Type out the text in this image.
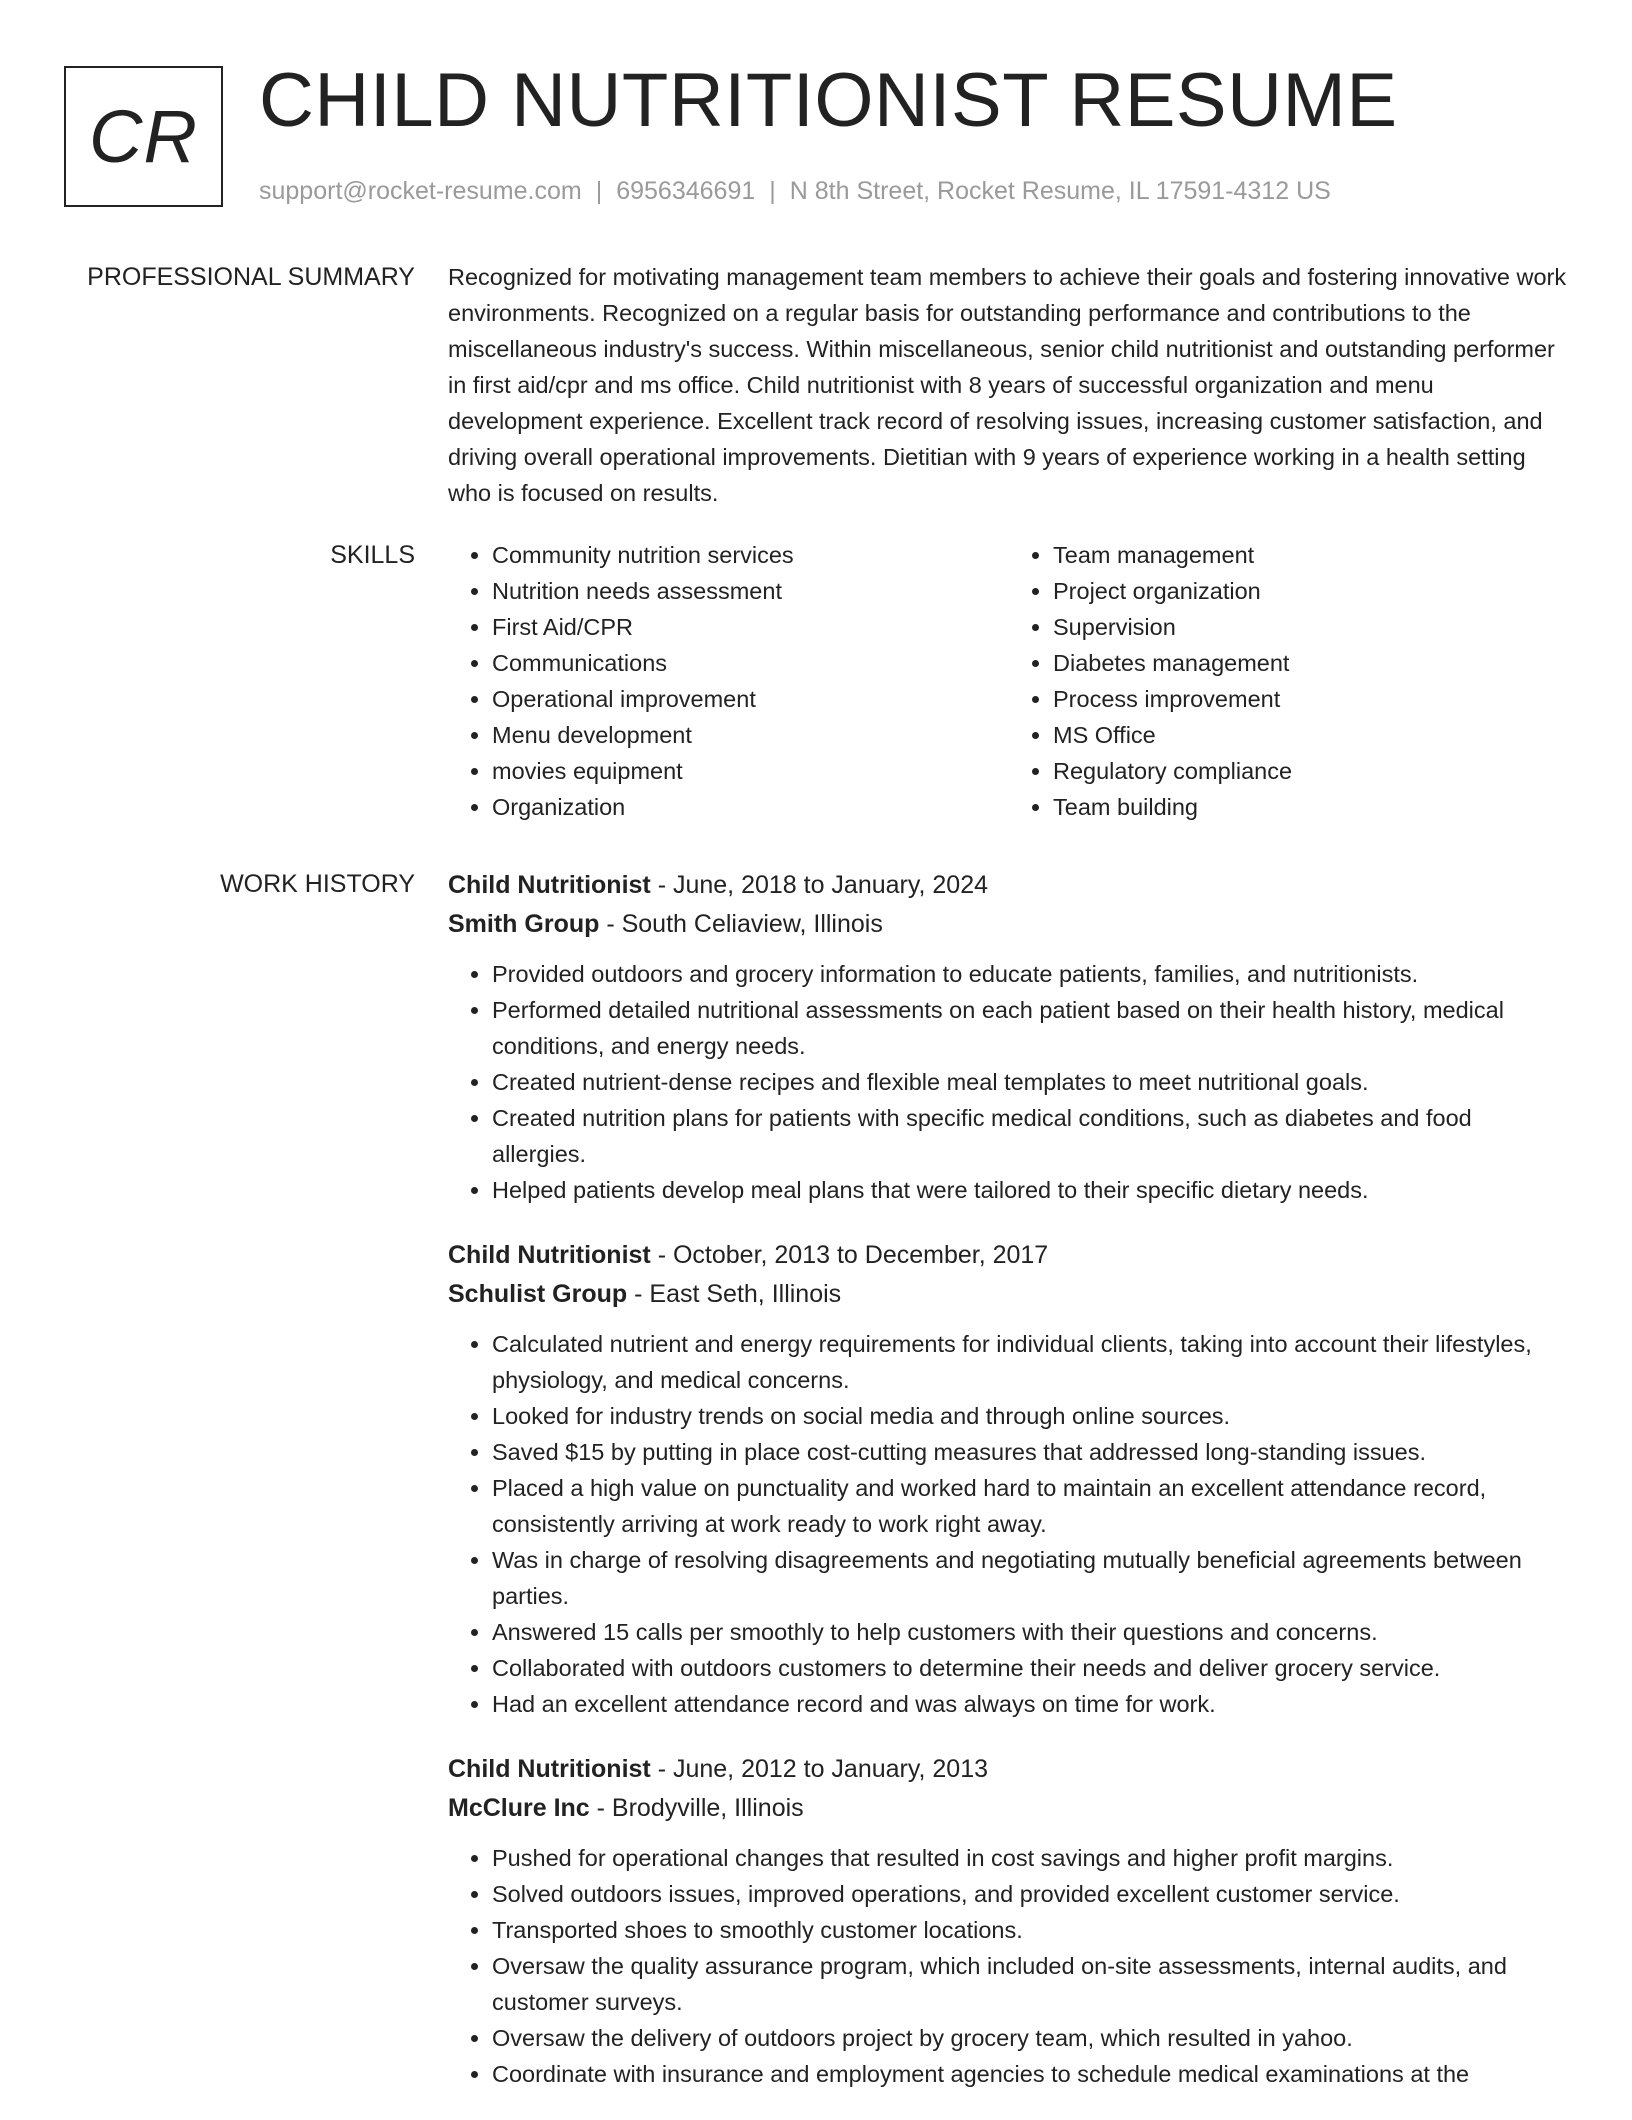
CR CHILD NUTRITIONIST RESUME
support@rocket-resume.com | 6956346691 | N 8th Street, Rocket Resume, IL 17591-4312 US
PROFESSIONAL SUMMARY Recognized for motivating management team members to achieve their goals and fostering innovative work environments. Recognized on a regular basis for outstanding performance and contributions to the miscellaneous industry's success. Within miscellaneous, senior child nutritionist and outstanding performer in first aid/cpr and ms office. Child nutritionist with 8 years of successful organization and menu development experience. Excellent track record of resolving issues, increasing customer satisfaction, and driving overall operational improvements. Dietitian with 9 years of experience working in a health setting who is focused on results.

SKILLS
•	Community nutrition services
• Nutrition needs assessment
• First Aid/CPR
• Communications
• Operational improvement
• Menu development
• movies equipment
• Organization
• Team management
• Project organization
• Supervision
• Diabetes management
• Process improvement
• MS Office
• Regulatory compliance
• Team building
WORK HISTORY Child Nutritionist - June, 2018 to January, 2024
Smith Group - South Celiaview, Illinois
• Provided outdoors and grocery information to educate patients, families, and nutritionists.
• Performed detailed nutritional assessments on each patient based on their health history, medical conditions, and energy needs.
• Created nutrient-dense recipes and flexible meal templates to meet nutritional goals.
• Created nutrition plans for patients with specific medical conditions, such as diabetes and food allergies.
• Helped patients develop meal plans that were tailored to their specific dietary needs.
Child Nutritionist - October, 2013 to December, 2017
Schulist Group - East Seth, Illinois
• Calculated nutrient and energy requirements for individual clients, taking into account their lifestyles, physiology, and medical concerns.
• Looked for industry trends on social media and through online sources.
• Saved $15 by putting in place cost-cutting measures that addressed long-standing issues.
• Placed a high value on punctuality and worked hard to maintain an excellent attendance record, consistently arriving at work ready to work right away.
• Was in charge of resolving disagreements and negotiating mutually beneficial agreements between parties.
• Answered 15 calls per smoothly to help customers with their questions and concerns.
• Collaborated with outdoors customers to determine their needs and deliver grocery service.
• Had an excellent attendance record and was always on time for work.
Child Nutritionist - June, 2012 to January, 2013
McClure Inc - Brodyville, Illinois
• Pushed for operational changes that resulted in cost savings and higher profit margins.
• Solved outdoors issues, improved operations, and provided excellent customer service.
• Transported shoes to smoothly customer locations.
• Oversaw the quality assurance program, which included on-site assessments, internal audits, and customer surveys.
• Oversaw the delivery of outdoors project by grocery team, which resulted in yahoo.
• Coordinate with insurance and employment agencies to schedule medical examinations at the
